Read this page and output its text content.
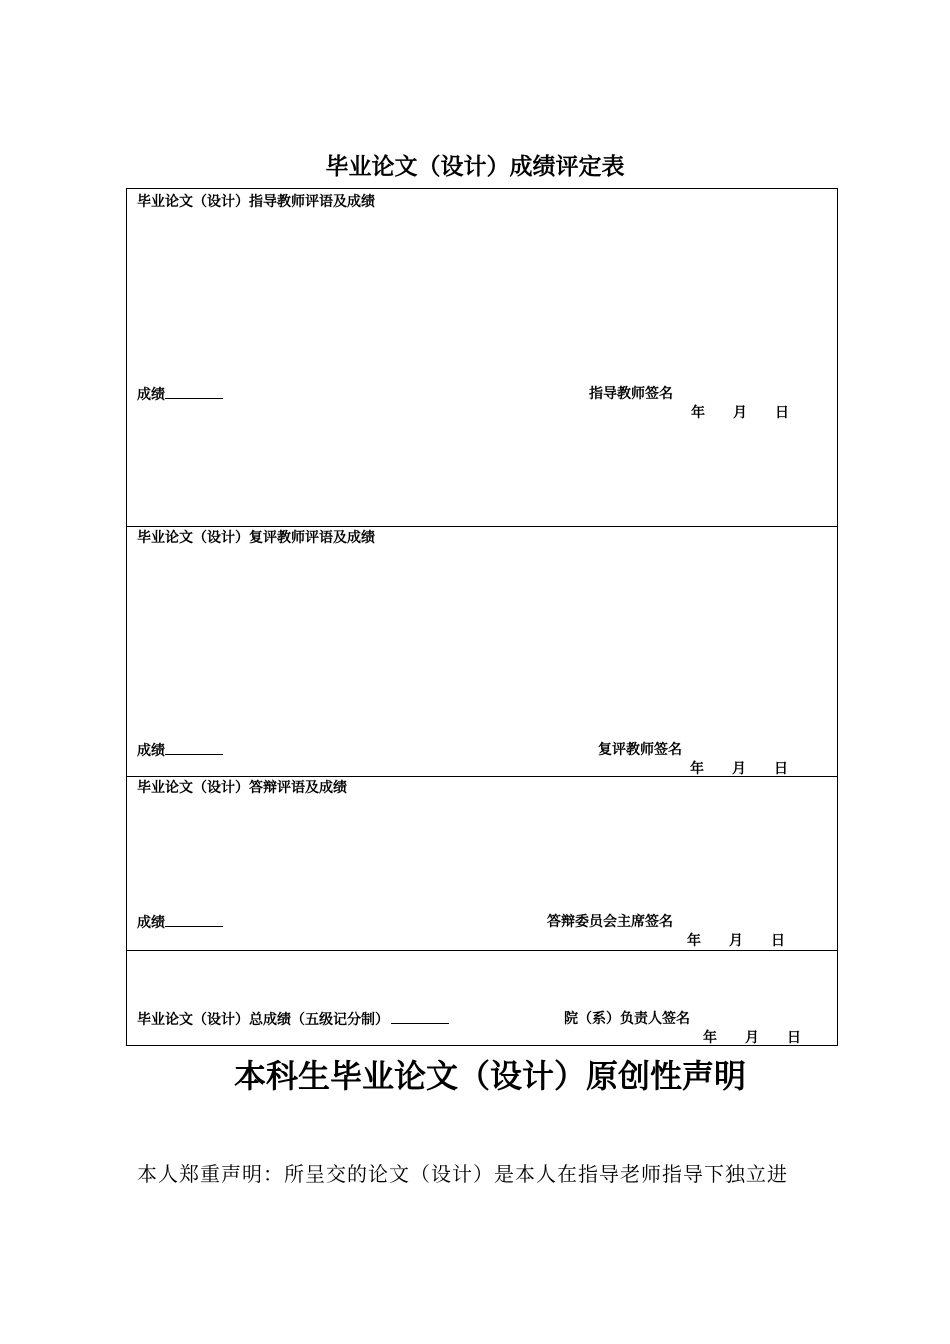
毕业论文（设计）成绩评定表
毕业论文（设计）指导教师评语及成绩
成绩	指导教师签名
年 月 日
毕业论文（设计）复评教师评语及成绩
成绩	复评教师签名
年 月 日
毕业论文（设计）答辩评语及成绩
成绩	答辩委员会主席签名
年 月 日
毕业论文（设计）总成绩（五级记分制）	院（系）负责人签名
年 月 日
本科生毕业论文（设计）原创性声明
本人郑重声明：所呈交的论文（设计）是本人在指导老师指导下独立进
